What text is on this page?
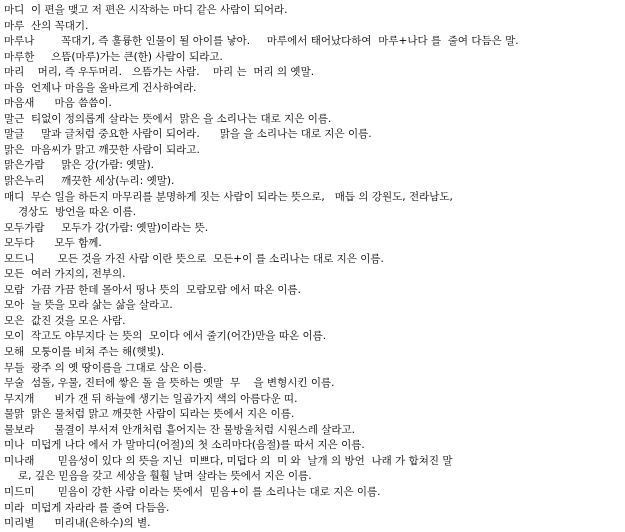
마디  이 편을 맺고 저 편은 시작하는 마디 같은 사람이 되어라.
마루  산의 꼭대기.
마루나        꼭대기, 즉 훌륭한 인물이 될 아이를 낳아.     마루에서 태어났다하여  마루+나다 를  줄여 다듬은 말.
마루한     으뜸(마루)가는 큰(한) 사람이 되라고.
마리    머리, 즉 우두머리.   으뜸가는 사람.    마리 는  머리 의 옛말.
마음  언제나 마음을 올바르게 건사하여라.
마음새      마음 씀씀이.
말근  티없이 정의롭게 살라는 뜻에서  맑은 을 소리나는 대로 지은 이름.
말글     말과 글처럼 중요한 사람이 되어라.      맑을 을 소리나는 대로 지은 이름.
맑은  마음씨가 맑고 깨끗한 사람이 되라고.
맑은가람     맑은 강(가람: 옛말).
맑은누리     깨끗한 세상(누리: 옛말).
매디  무슨 일을 하든지 마무리를 분명하게 짓는 사람이 되라는 뜻으로,   매듭 의 강원도, 전라남도,
경상도  방언을 따온 이름.
모두가람     모두가 강(가람: 옛말)이라는 뜻.
모두다      모두 함께.
모드니       모든 것을 가진 사람 이란 뜻으로  모든+이 를 소리나는 대로 지은 이름.
모든  여러 가지의, 전부의.
모람  가끔 가끔 한데 몰아서 띵나 뜻의  모람모람 에서 따온 이름.
모아  늘 뜻을 모라 삶는 삶을 살라고.
모은  값진 것을 모은 사람.
모이  작고도 야무지다 는 뜻의  모이다 에서 줄기(어간)만을 따온 이름.
모해  모퉁이를 비쳐 주는 해(햇빛).
무들  광주 의 옛 땅이름을 그대로 삼은 이름.
무술  섬돌, 우물, 진터에 쌓은 돌 을 뜻하는 옛말  무    을 변형시킨 이름.
무지개      비가 갠 뒤 하늘에 생기는 일곱가지 색의 아름다운 띠.
물맑  맑은 물처럼 맑고 깨끗한 사람이 되라는 뜻에서 지은 이름.
물보라      물결이 부서져 안개처럼 흩어지는 잔 물방울처럼 시원스레 살라고.
미나  미덥게 나다 에서 가 말마디(어절)의 첫 소리마다(음절)를 따서 지은 이름.
미나래       믿음성이 있다 의 뜻을 지닌  미쁘다, 미덥다 의  미 와  날개 의 방언  나래 가 합쳐진 말
로, 깊은 믿음을 갖고 세상을 훨훨 날며 살라는 뜻에서 지은 이름.
미드미       믿음이 강한 사람 이라는 뜻에서  믿음+이 를 소리나는 대로 지은 이름.
미라  미덥게 자라라 를 줄여 다듬음.
미리별      미리내(은하수)의 별.
